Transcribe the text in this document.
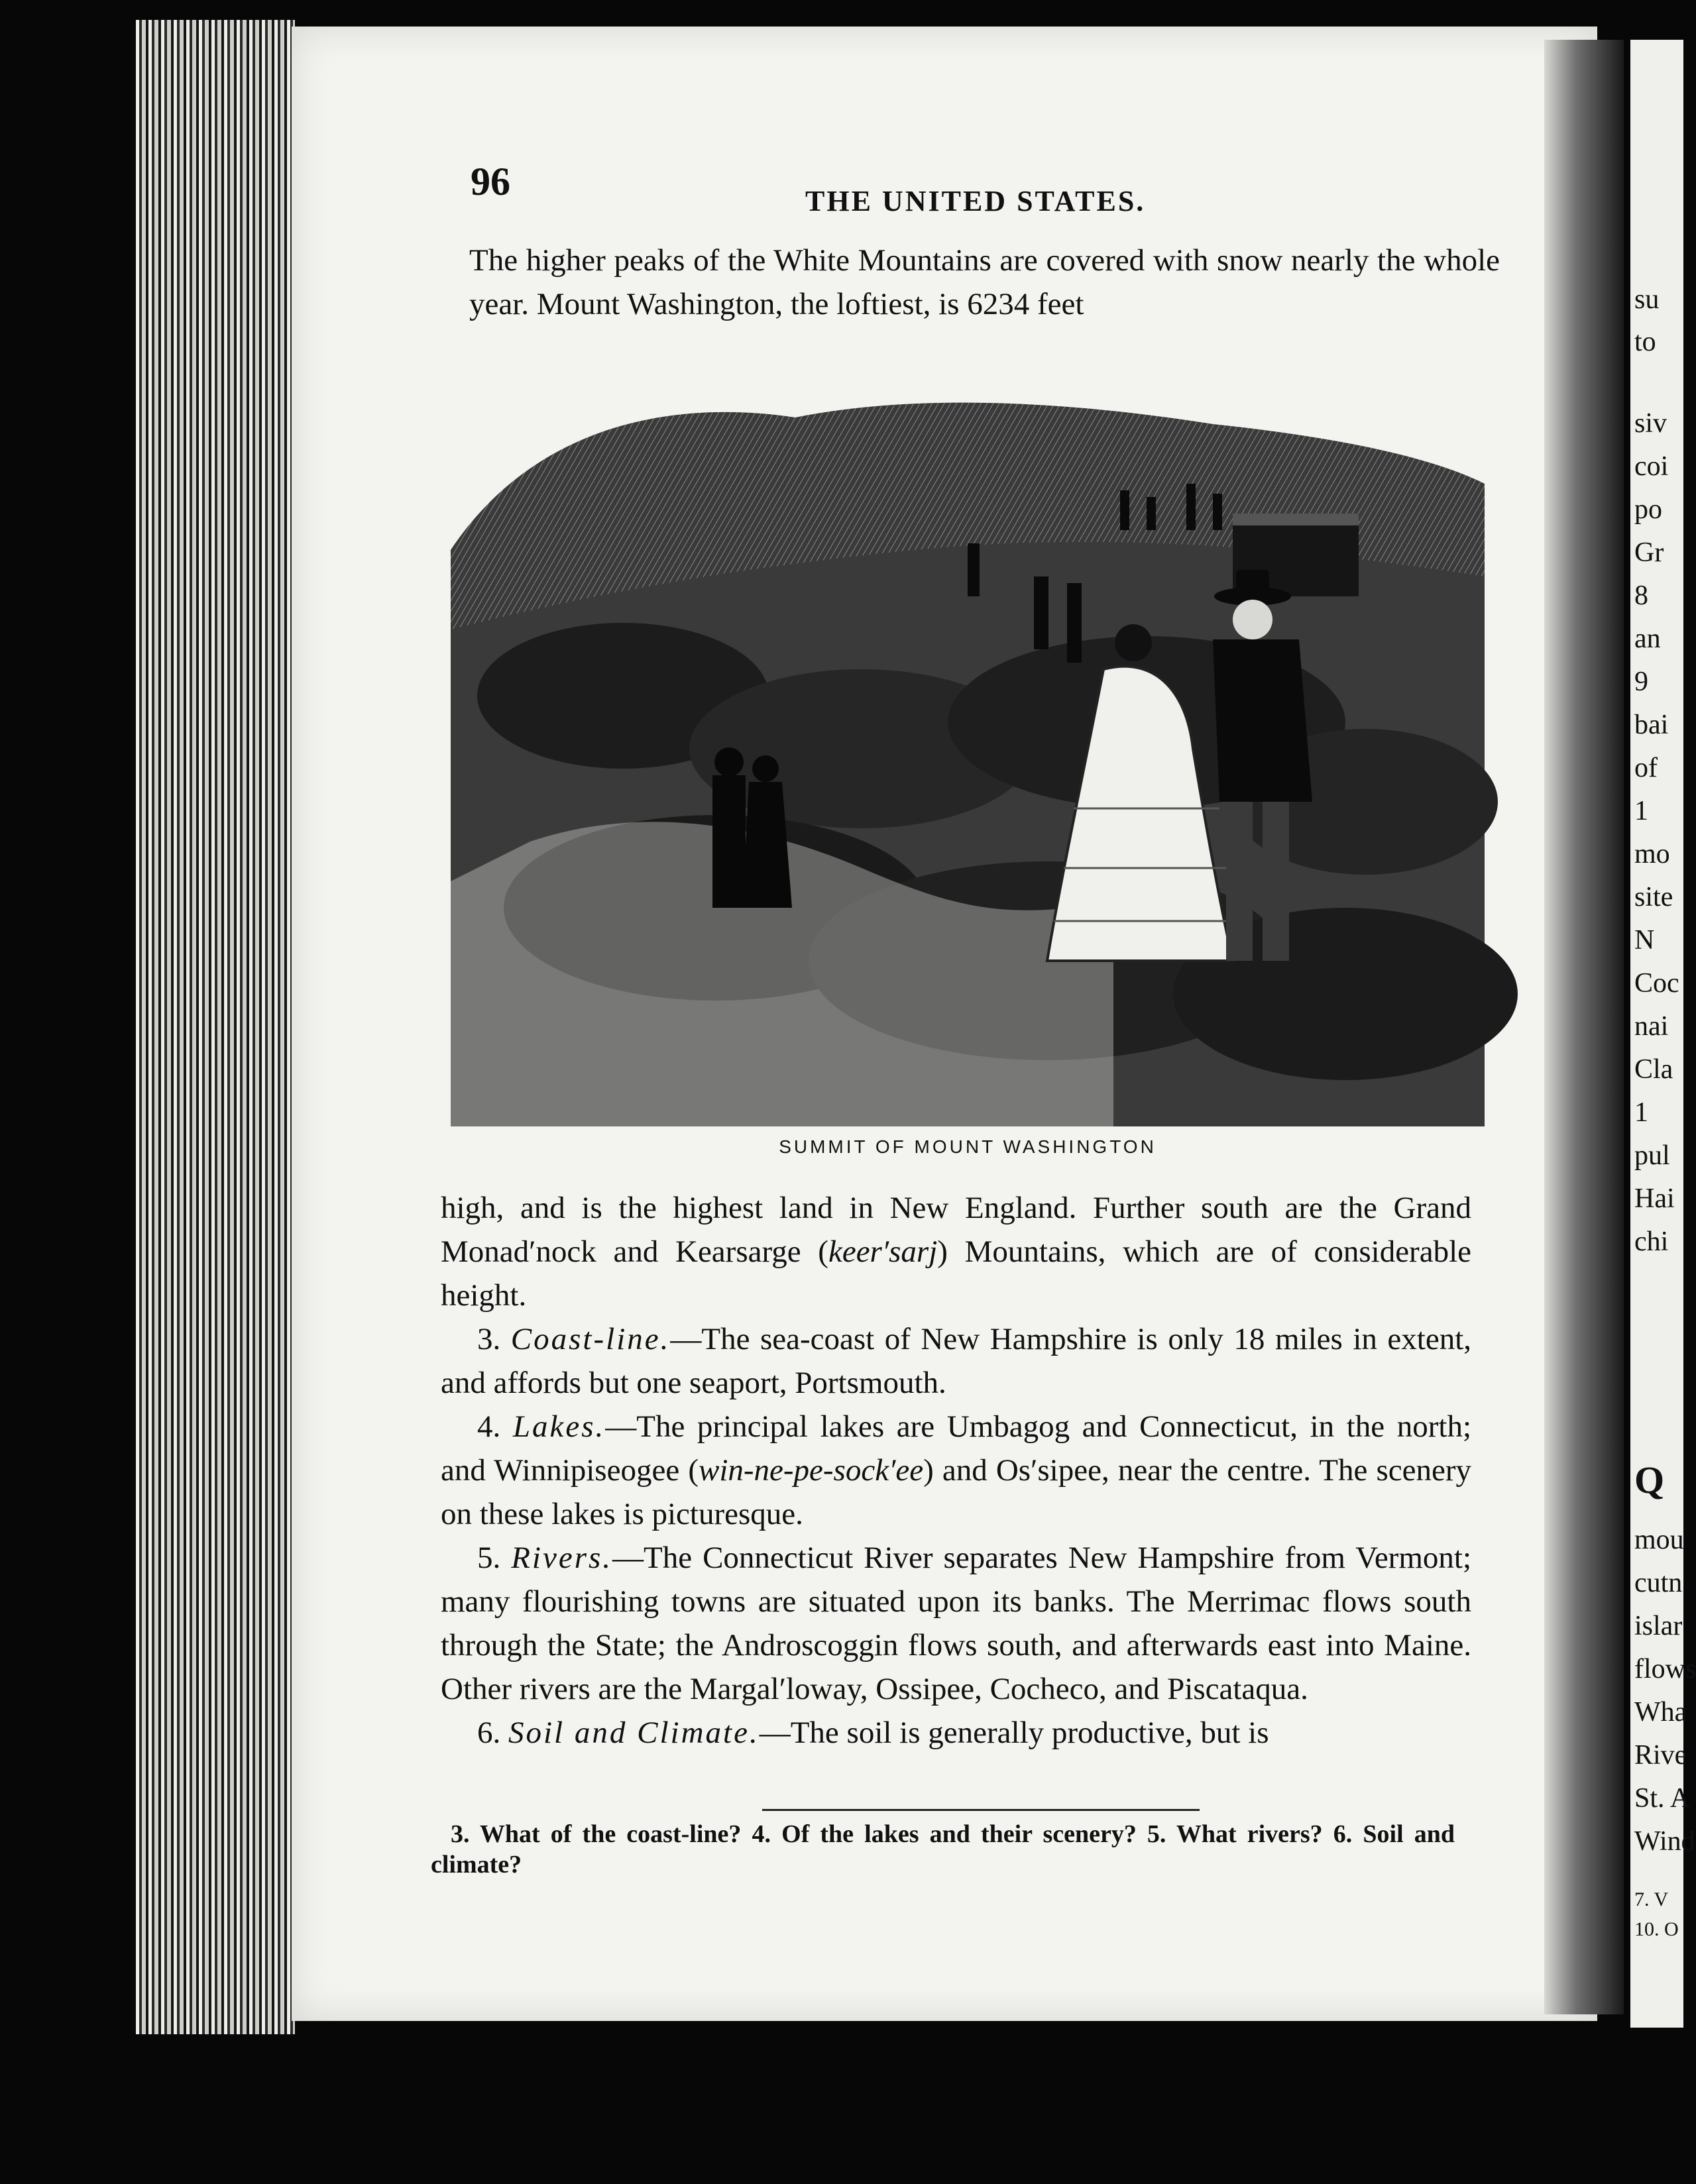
su
to
siv
coi
po
Gr
8
an
9
bai
of
1
mo
site
N
Coc
nai
Cla
1
pul
Hai
chi
Q
mou
cutn
islar
flows
Wha
Rive
St. A
Wind
7. V
10. O
96	THE UNITED STATES.

The higher peaks of the White Mountains are covered with snow nearly the whole year. Mount Washington, the loftiest, is 6234 feet

SUMMIT OF MOUNT WASHINGTON

high, and is the highest land in New England. Further south are the Grand Monad′nock and Kearsarge (keer′sarj) Mountains, which are of considerable height.

3. Coast-line.—The sea-coast of New Hampshire is only 18 miles in extent, and affords but one seaport, Portsmouth.

4. Lakes.—The principal lakes are Umbagog and Connecticut, in the north; and Winnipiseogee (win-ne-pe-sock′ee) and Os′sipee, near the centre. The scenery on these lakes is picturesque.

5. Rivers.—The Connecticut River separates New Hampshire from Vermont; many flourishing towns are situated upon its banks. The Merrimac flows south through the State; the Androscoggin flows south, and afterwards east into Maine. Other rivers are the Margal′loway, Ossipee, Cocheco, and Piscataqua.

6. Soil and Climate.—The soil is generally productive, but is

3. What of the coast-line? 4. Of the lakes and their scenery? 5. What rivers? 6. Soil and climate?
